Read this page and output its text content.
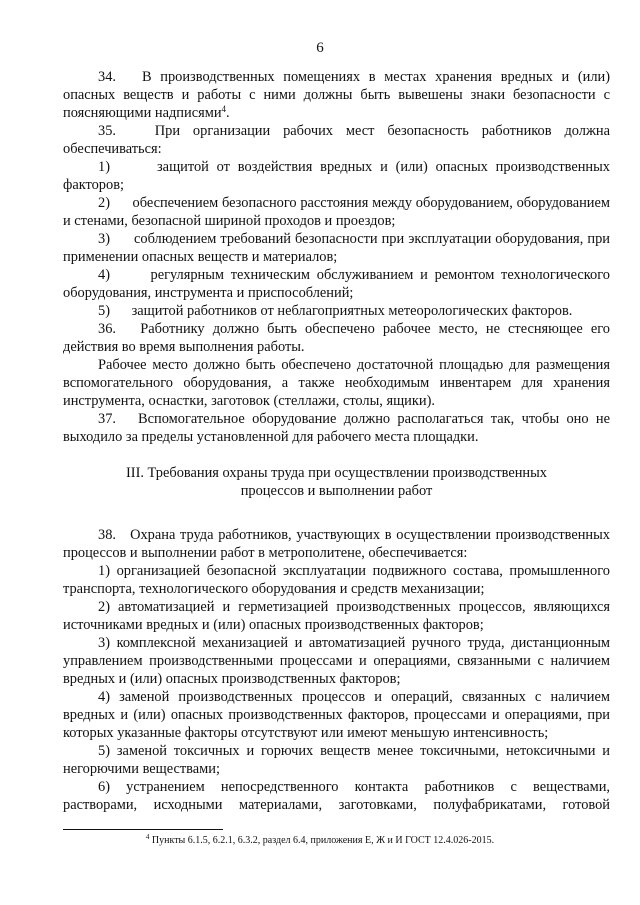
6

34.   В производственных помещениях в местах хранения вредных и (или) опасных веществ и работы с ними должны быть вывешены знаки безопасности с поясняющими надписями$^4$.

35.   При организации рабочих мест безопасность работников должна обеспечиваться:

1)      защитой от воздействия вредных и (или) опасных производственных факторов;

2)      обеспечением безопасного расстояния между оборудованием, оборудованием и стенами, безопасной шириной проходов и проездов;

3)      соблюдением требований безопасности при эксплуатации оборудования, при применении опасных веществ и материалов;

4)      регулярным техническим обслуживанием и ремонтом технологического оборудования, инструмента и приспособлений;

5)      защитой работников от неблагоприятных метеорологических факторов.

36.   Работнику должно быть обеспечено рабочее место, не стесняющее его действия во время выполнения работы.

Рабочее место должно быть обеспечено достаточной площадью для размещения вспомогательного оборудования, а также необходимым инвентарем для хранения инструмента, оснастки, заготовок (стеллажи, столы, ящики).

37.   Вспомогательное оборудование должно располагаться так, чтобы оно не выходило за пределы установленной для рабочего места площадки.

III. Требования охраны труда при осуществлении производственных процессов и выполнении работ

38.   Охрана труда работников, участвующих в осуществлении производственных процессов и выполнении работ в метрополитене, обеспечивается:

1) организацией безопасной эксплуатации подвижного состава, промышленного транспорта, технологического оборудования и средств механизации;

2) автоматизацией и герметизацией производственных процессов, являющихся источниками вредных и (или) опасных производственных факторов;

3) комплексной механизацией и автоматизацией ручного труда, дистанционным управлением производственными процессами и операциями, связанными с наличием вредных и (или) опасных производственных факторов;

4) заменой производственных процессов и операций, связанных с наличием вредных и (или) опасных производственных факторов, процессами и операциями, при которых указанные факторы отсутствуют или имеют меньшую интенсивность;

5) заменой токсичных и горючих веществ менее токсичными, нетоксичными и негорючими веществами;

6) устранением непосредственного контакта работников с веществами, растворами, исходными материалами, заготовками, полуфабрикатами, готовой

$^4$ Пункты 6.1.5, 6.2.1, 6.3.2, раздел 6.4, приложения Е, Ж и И ГОСТ 12.4.026-2015.
